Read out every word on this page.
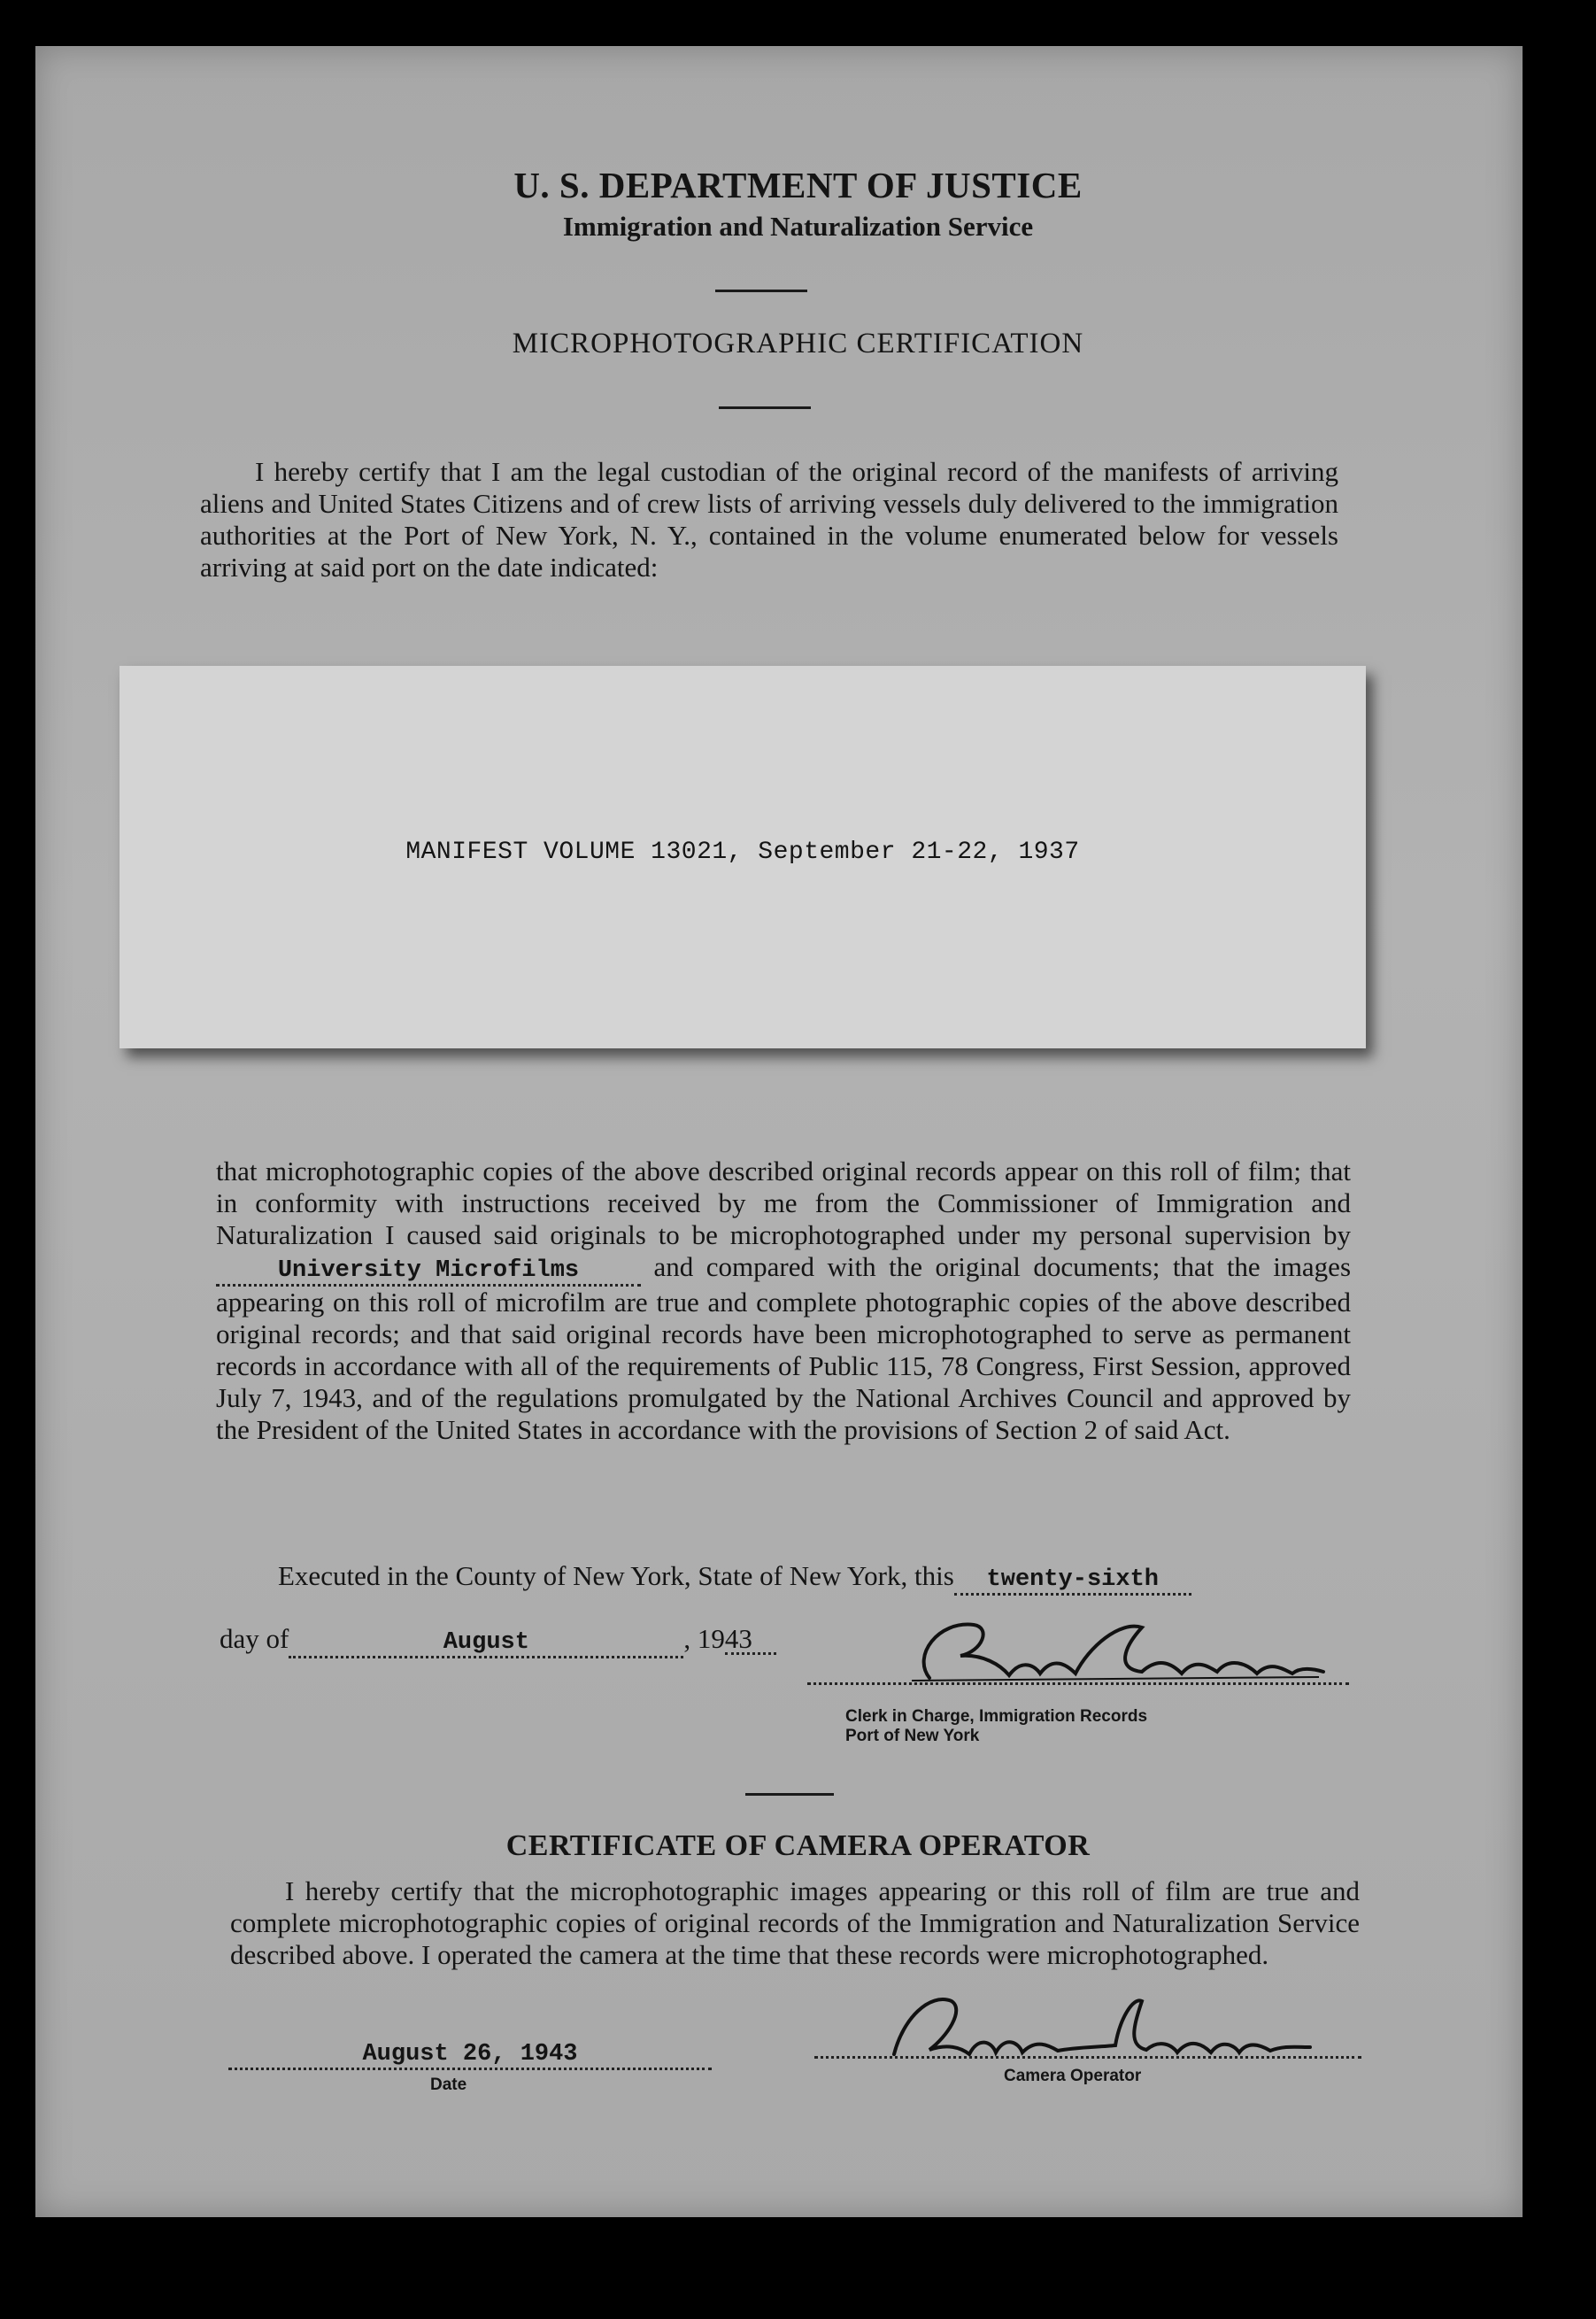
U. S. DEPARTMENT OF JUSTICE
Immigration and Naturalization Service
MICROPHOTOGRAPHIC CERTIFICATION

I hereby certify that I am the legal custodian of the original record of the manifests of arriving aliens and United States Citizens and of crew lists of arriving vessels duly delivered to the immigration authorities at the Port of New York, N. Y., contained in the volume enumerated below for vessels arriving at said port on the date indicated:

MANIFEST VOLUME 13021, September 21-22, 1937

that microphotographic copies of the above described original records appear on this roll of film; that in conformity with instructions received by me from the Commissioner of Immigration and Naturalization I caused said originals to be microphotographed under my personal supervision by University Microfilms	and compared with the original documents; that the images appearing on this roll of microfilm are true and complete photographic copies of the above described original records; and that said original records have been microphotographed to serve as permanent records in accordance with all of the requirements of Public 115, 78 Congress, First Session, approved July 7, 1943, and of the regulations promulgated by the National Archives Council and approved by the President of the United States in accordance with the provisions of Section 2 of said Act.

Executed in the County of New York, State of New York, this twenty-sixth
day of	August	, 1943
Clerk in Charge, Immigration Records
Port of New York
CERTIFICATE OF CAMERA OPERATOR

I hereby certify that the microphotographic images appearing or this roll of film are true and complete microphotographic copies of original records of the Immigration and Naturalization Service described above. I operated the camera at the time that these records were microphotographed.

August 26, 1943
Date	Camera Operator
